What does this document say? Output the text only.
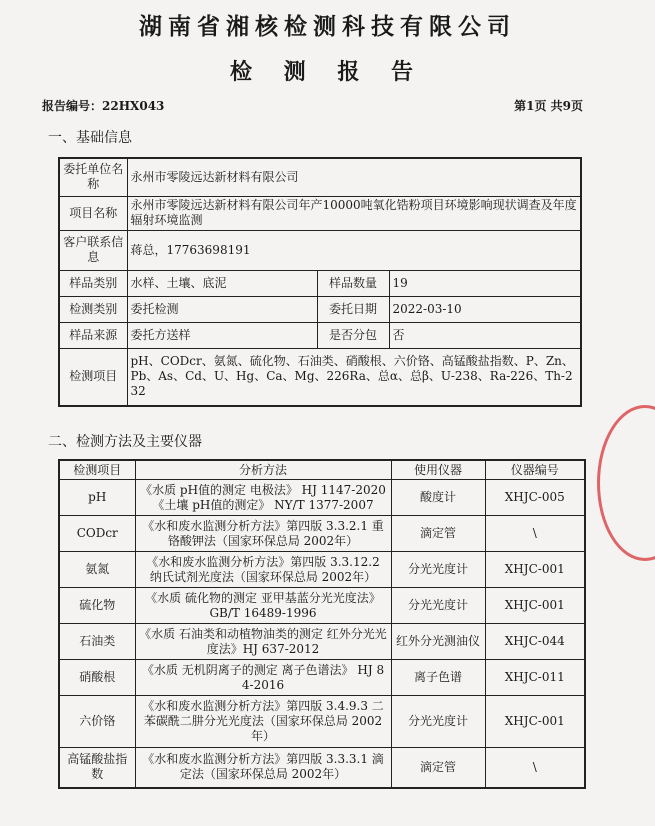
湖南省湘核检测科技有限公司
检 测 报 告
报告编号：22HX043	第1页 共9页
一、基础信息
委托单位名 称	永州市零陵远达新材料有限公司		
项目名称	永州市零陵远达新材料有限公司年产10000吨氧化锆粉项目环境影响现状调查及年度辐射环境监测		
客户联系信 息	蒋总，17763698191		
样品类别	水样、土壤、底泥	样品数量	19
检测类别	委托检测	委托日期	2022-03-10
样品来源	委托方送样	是否分包	否
检测项目	pH、CODcr、氨氮、硫化物、石油类、硝酸根、六价铬、高锰酸盐指数、P、Zn、Pb、As、Cd、U、Hg、Ca、Mg、226Ra、总α、总β、U-238、Ra-226、Th-232		
二、检测方法及主要仪器
检测项目	分析方法	使用仪器	仪器编号
pH	《水质 pH值的测定 电极法》 HJ 1147-2020 《土壤 pH值的测定》 NY/T 1377-2007	酸度计	XHJC-005
CODcr	《水和废水监测分析方法》第四版 3.3.2.1 重铬酸钾法（国家环保总局 2002年）	滴定管	\
氨氮	《水和废水监测分析方法》第四版 3.3.12.2 纳氏试剂光度法（国家环保总局 2002年）	分光光度计	XHJC-001
硫化物	《水质 硫化物的测定 亚甲基蓝分光光度法》 GB/T 16489-1996	分光光度计	XHJC-001
石油类	《水质 石油类和动植物油类的测定 红外分光光度法》HJ 637-2012	红外分光测油仪	XHJC-044
硝酸根	《水质 无机阴离子的测定 离子色谱法》 HJ 84-2016	离子色谱	XHJC-011
六价铬	《水和废水监测分析方法》第四版 3.4.9.3 二苯碳酰二肼分光光度法（国家环保总局 2002年）	分光光度计	XHJC-001
高锰酸盐指数	《水和废水监测分析方法》第四版 3.3.3.1 滴定法（国家环保总局 2002年）	滴定管	\
